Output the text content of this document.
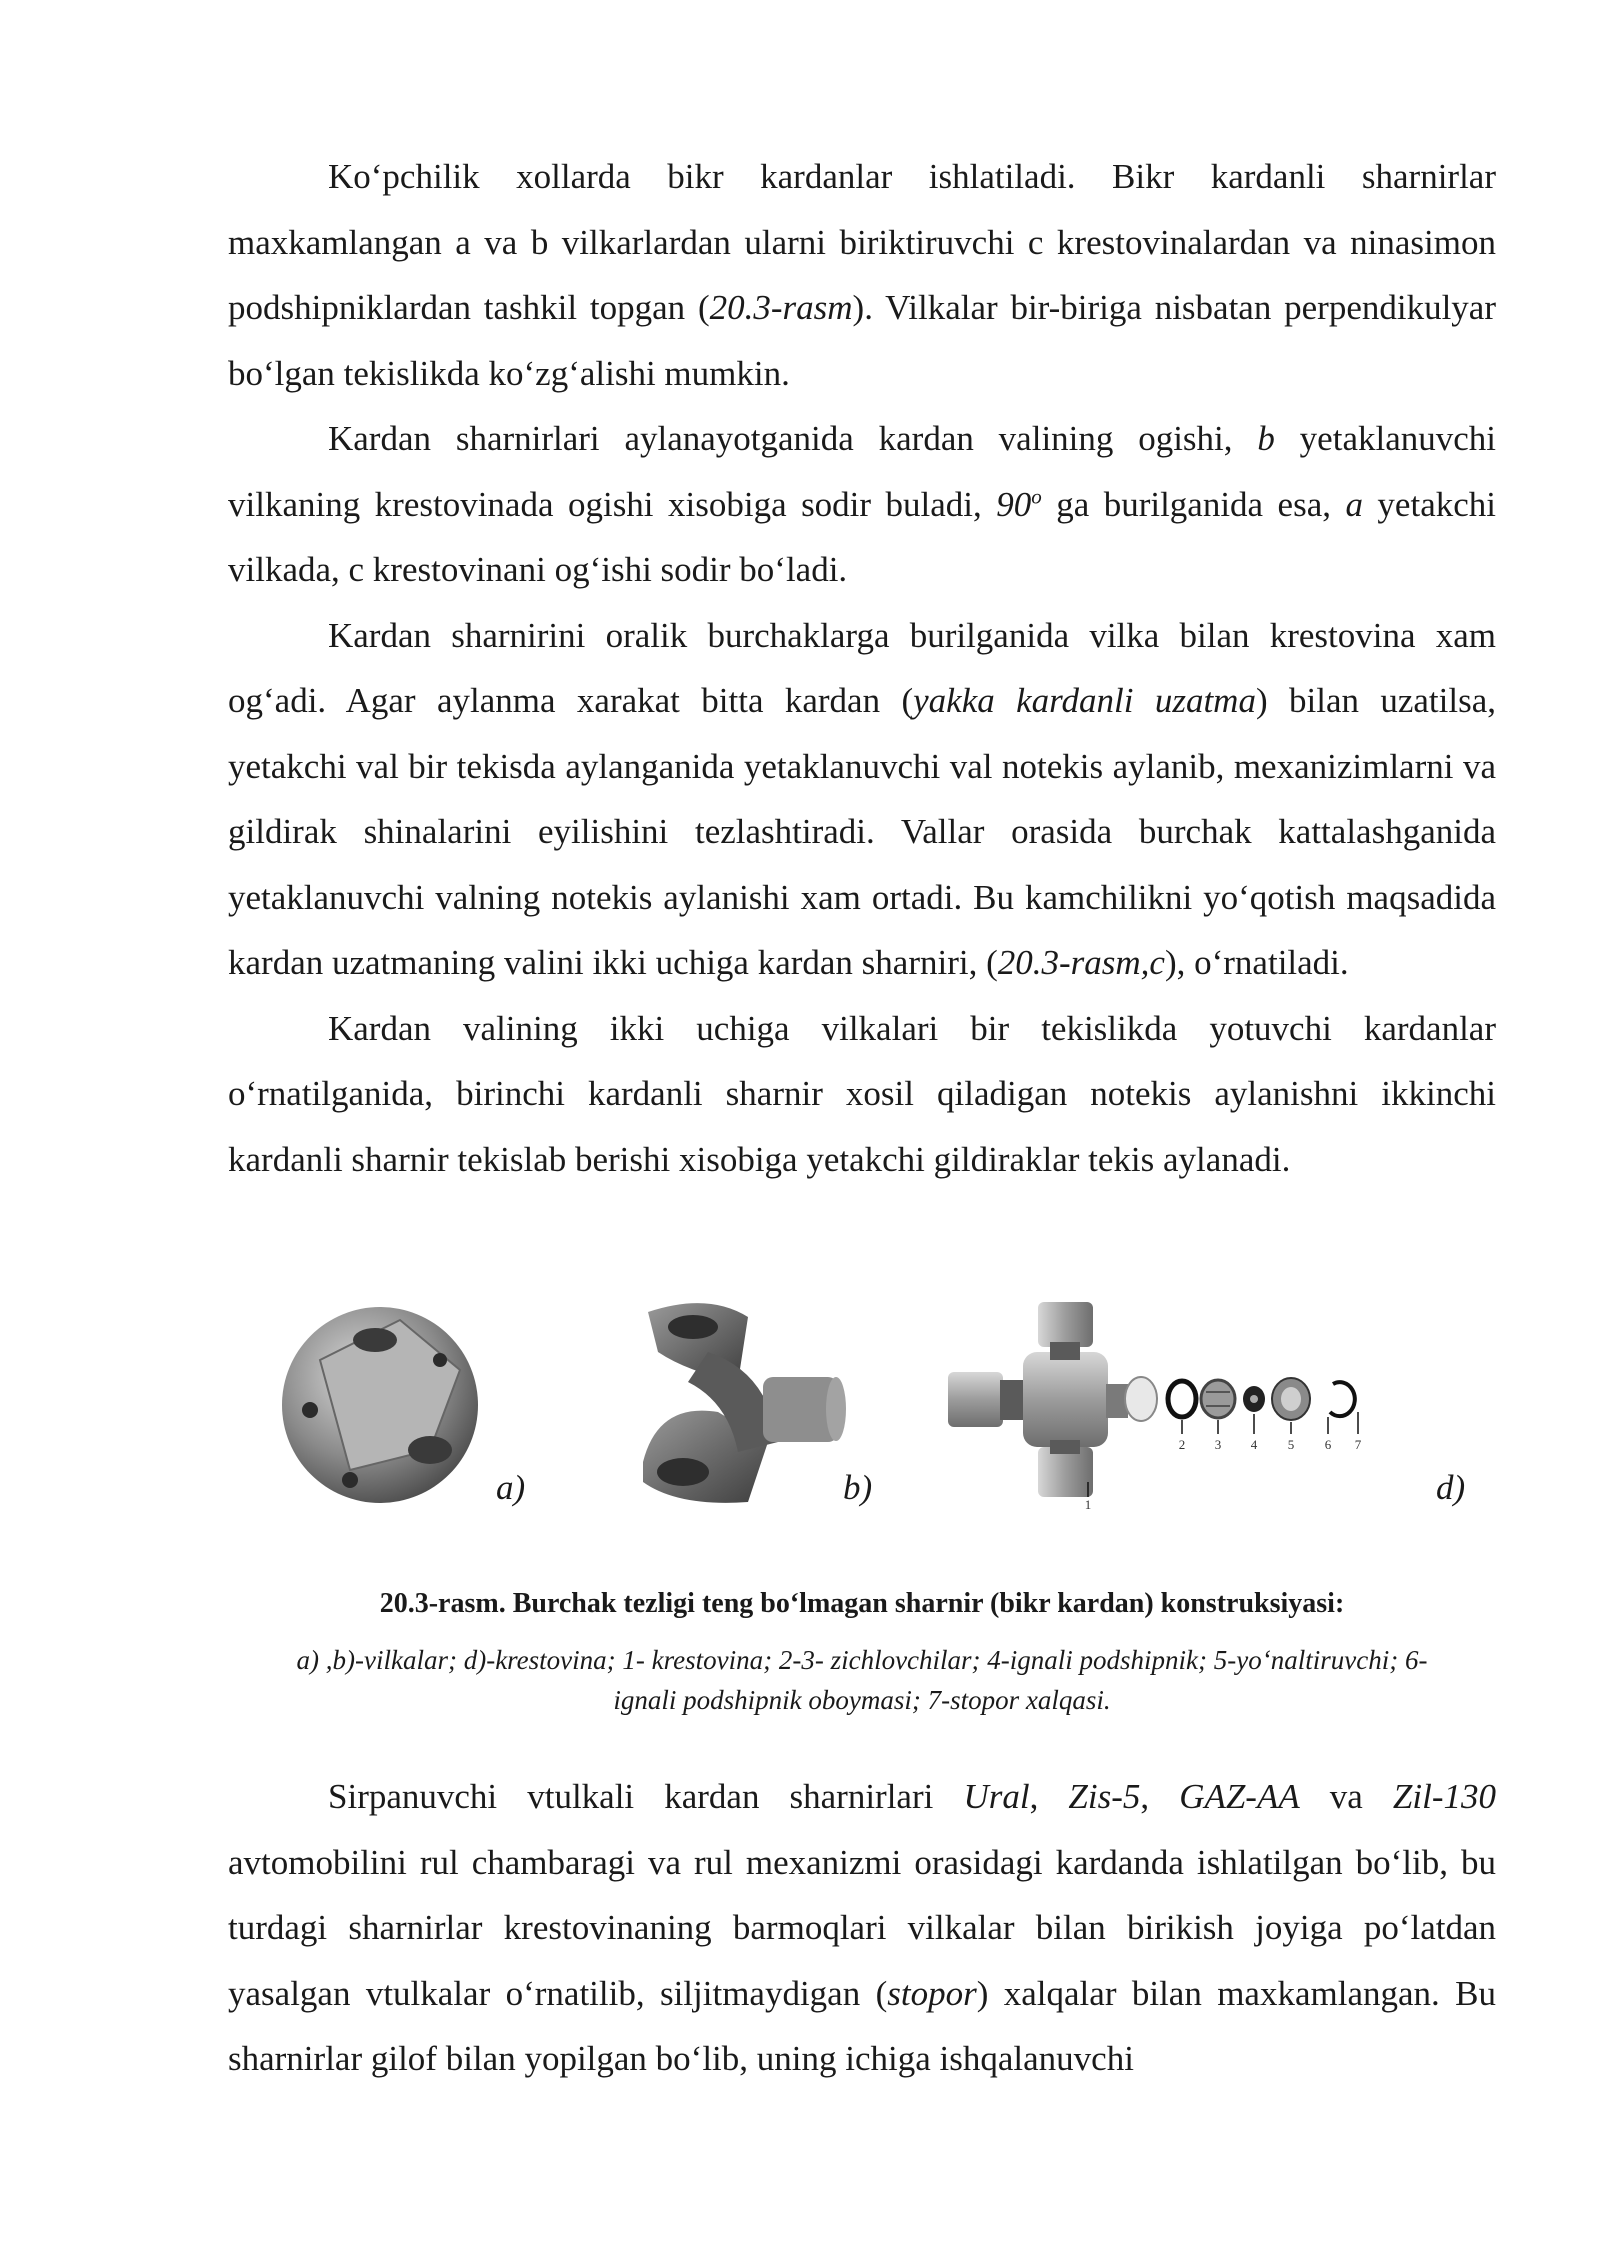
Ko‘pchilik xollarda bikr kardanlar ishlatiladi. Bikr kardanli sharnirlar maxkamlangan a va b vilkarlardan ularni biriktiruvchi c krestovinalardan va ninasimon podshipniklardan tashkil topgan (20.3-rasm). Vilkalar bir-biriga nisbatan perpendikulyar bo‘lgan tekislikda ko‘zg‘alishi mumkin.

Kardan sharnirlari aylanayotganida kardan valining ogishi, b yetaklanuvchi vilkaning krestovinada ogishi xisobiga sodir buladi, 90$^o$ ga burilganida esa, a yetakchi vilkada, c krestovinani og‘ishi sodir bo‘ladi.

Kardan sharnirini oralik burchaklarga burilganida vilka bilan krestovina xam og‘adi. Agar aylanma xarakat bitta kardan (yakka kardanli uzatma) bilan uzatilsa, yetakchi val bir tekisda aylanganida yetaklanuvchi val notekis aylanib, mexanizimlarni va gildirak shinalarini eyilishini tezlashtiradi. Vallar orasida burchak kattalashganida yetaklanuvchi valning notekis aylanishi xam ortadi. Bu kamchilikni yo‘qotish maqsadida kardan uzatmaning valini ikki uchiga kardan sharniri, (20.3-rasm,c), o‘rnatiladi.

Kardan valining ikki uchiga vilkalari bir tekislikda yotuvchi kardanlar o‘rnatilganida, birinchi kardanli sharnir xosil qiladigan notekis aylanishni ikkinchi kardanli sharnir tekislab berishi xisobiga yetakchi gildiraklar tekis aylanadi.

a)	b)	1
2 3 4 5 6 7
d)
20.3-rasm. Burchak tezligi teng bo‘lmagan sharnir (bikr kardan) konstruksiyasi:
a) ,b)-vilkalar; d)-krestovina; 1- krestovina; 2-3- zichlovchilar; 4-ignali podshipnik; 5-yo‘naltiruvchi; 6- ignali podshipnik oboymasi; 7-stopor xalqasi.

Sirpanuvchi vtulkali kardan sharnirlari Ural, Zis-5, GAZ-AA va Zil-130 avtomobilini rul chambaragi va rul mexanizmi orasidagi kardanda ishlatilgan bo‘lib, bu turdagi sharnirlar krestovinaning barmoqlari vilkalar bilan birikish joyiga po‘latdan yasalgan vtulkalar o‘rnatilib, siljitmaydigan (stopor) xalqalar bilan maxkamlangan. Bu sharnirlar gilof bilan yopilgan bo‘lib, uning ichiga ishqalanuvchi
